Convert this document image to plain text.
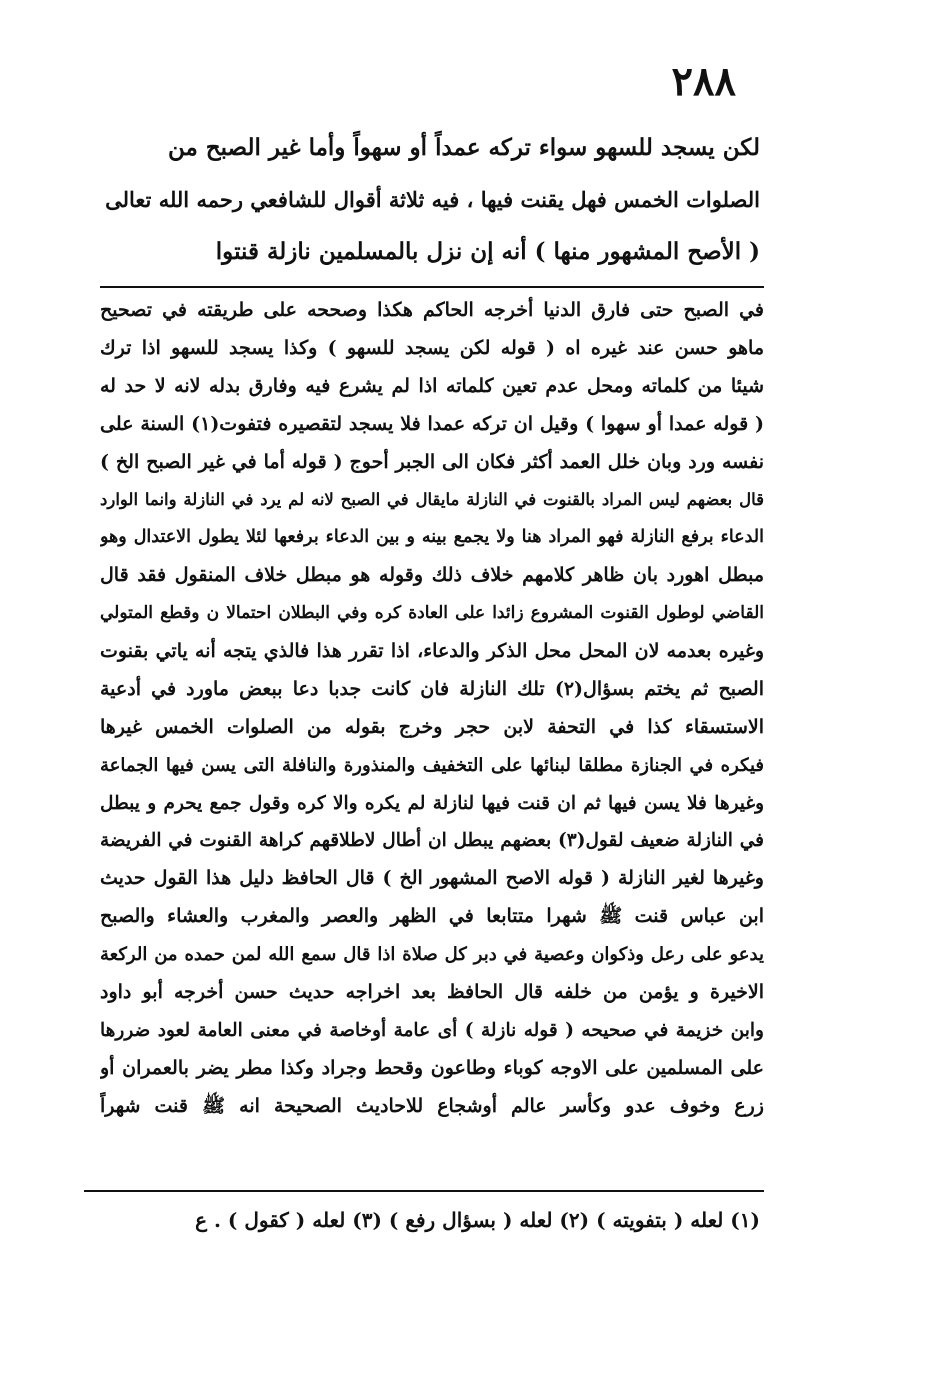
٢٨٨
لكن يسجد للسهو سواء تركه عمداً أو سهواً وأما غير الصبح من
الصلوات الخمس فهل يقنت فيها ، فيه ثلاثة أقوال للشافعي رحمه الله تعالى
( الأصح المشهور منها ) أنه إن نزل بالمسلمين نازلة قنتوا
في الصبح حتى فارق الدنيا أخرجه الحاكم هكذا وصححه على طريقته في تصحيح
ماهو حسن عند غيره اه ( قوله لكن يسجد للسهو ) وكذا يسجد للسهو اذا ترك
شيئا من كلماته ومحل عدم تعين كلماته اذا لم يشرع فيه وفارق بدله لانه لا حد له
( قوله عمدا أو سهوا ) وقيل ان تركه عمدا فلا يسجد لتقصيره فتفوت(١) السنة على
نفسه ورد وبان خلل العمد أكثر فكان الى الجبر أحوج ( قوله أما في غير الصبح الخ )
قال بعضهم ليس المراد بالقنوت في النازلة مايقال في الصبح لانه لم يرد في النازلة وانما الوارد
الدعاء برفع النازلة فهو المراد هنا ولا يجمع بينه و بين الدعاء برفعها لئلا يطول الاعتدال وهو
مبطل اهورد بان ظاهر كلامهم خلاف ذلك وقوله هو مبطل خلاف المنقول فقد قال
القاضي لوطول القنوت المشروع زائدا على العادة كره وفي البطلان احتمالا ن وقطع المتولي
وغيره بعدمه لان المحل محل الذكر والدعاء، اذا تقرر هذا فالذي يتجه أنه ياتي بقنوت
الصبح ثم يختم بسؤال(٢) تلك النازلة فان كانت جدبا دعا ببعض ماورد في أدعية
الاستسقاء كذا في التحفة لابن حجر وخرج بقوله من الصلوات الخمس غيرها
فيكره في الجنازة مطلقا لبنائها على التخفيف والمنذورة والنافلة التى يسن فيها الجماعة
وغيرها فلا يسن فيها ثم ان قنت فيها لنازلة لم يكره والا كره وقول جمع يحرم و يبطل
في النازلة ضعيف لقول(٣) بعضهم يبطل ان أطال لاطلاقهم كراهة القنوت في الفريضة
وغيرها لغير النازلة ( قوله الاصح المشهور الخ ) قال الحافظ دليل هذا القول حديث
ابن عباس قنت ﷺ شهرا متتابعا في الظهر والعصر والمغرب والعشاء والصبح
يدعو على رعل وذكوان وعصية في دبر كل صلاة اذا قال سمع الله لمن حمده من الركعة
الاخيرة و يؤمن من خلفه قال الحافظ بعد اخراجه حديث حسن أخرجه أبو داود
وابن خزيمة في صحيحه ( قوله نازلة ) أى عامة أوخاصة في معنى العامة لعود ضررها
على المسلمين على الاوجه كوباء وطاعون وقحط وجراد وكذا مطر يضر بالعمران أو
زرع وخوف عدو وكأسر عالم أوشجاع للاحاديث الصحيحة انه ﷺ قنت شهراً
(١) لعله ( بتفويته ) (٢) لعله ( بسؤال رفع ) (٣) لعله ( كقول ) . ع
